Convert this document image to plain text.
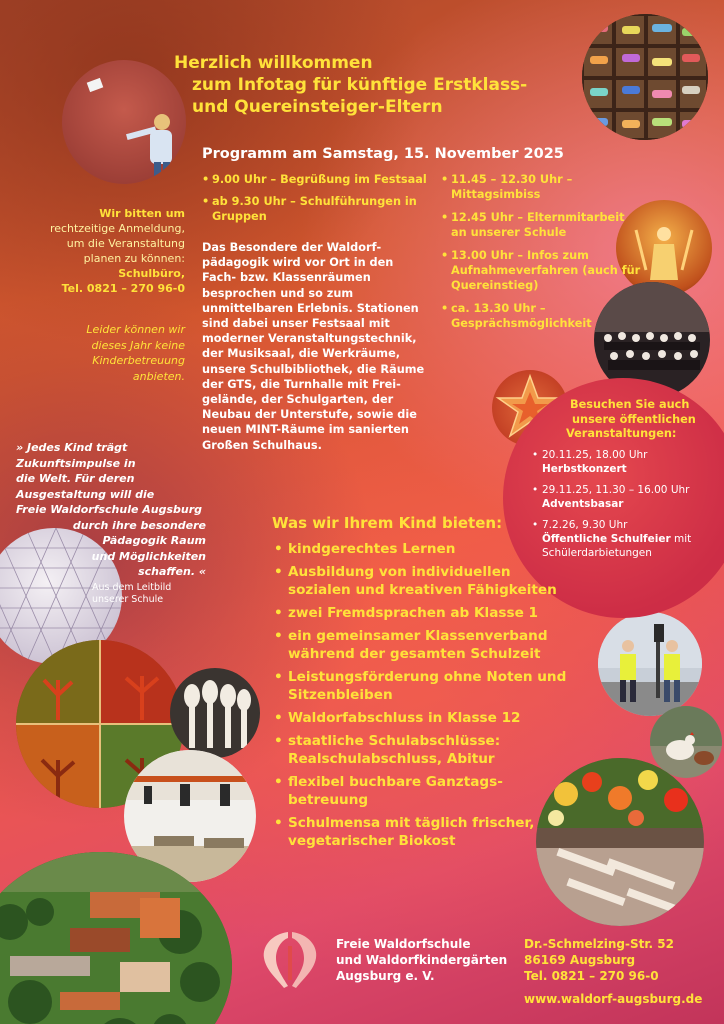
Herzlich willkommen
zum Infotag für künftige Erstklass-
und Quereinsteiger-Eltern
Programm am Samstag, 15. November 2025
• 9.00 Uhr – Begrüßung im Festsaal
• ab 9.30 Uhr – Schulführungen in Gruppen
Das Besondere der Waldorfpädagogik wird vor Ort in den Fach- bzw. Klassenräumen besprochen und so zum unmittelbaren Erlebnis. Stationen sind dabei unser Festsaal mit moderner Veranstaltungstechnik, der Musiksaal, die Werkräume, unsere Schulbibliothek, die Räume der GTS, die Turnhalle mit Freigelände, der Schulgarten, der Neubau der Unterstufe, sowie die neuen MINT-Räume im sanierten Großen Schulhaus.
• 11.45 – 12.30 Uhr – Mittagsimbiss
• 12.45 Uhr – Elternmitarbeit an unserer Schule
• 13.00 Uhr – Infos zum Aufnahmeverfahren (auch für Quereinstieg)
• ca. 13.30 Uhr – Gesprächsmöglichkeit
Wir bitten um
rechtzeitige Anmeldung,
um die Veranstaltung
planen zu können:
Schulbüro,
Tel. 0821 – 270 96-0
Leider können wir
dieses Jahr keine
Kinderbetreuung
anbieten.
» Jedes Kind trägt
Zukunftsimpulse in
die Welt. Für deren
Ausgestaltung will die
Freie Waldorfschule Augsburg
durch ihre besondere
Pädagogik Raum
und Möglichkeiten
schaffen. «
Aus dem Leitbild
unserer Schule
Besuchen Sie auch
unsere öffentlichen
Veranstaltungen:
• 20.11.25, 18.00 Uhr
Herbstkonzert
• 29.11.25, 11.30 – 16.00 Uhr
Adventsbasar
• 7.2.26, 9.30 Uhr
Öffentliche Schulfeier mit Schülerdarbietungen
Was wir Ihrem Kind bieten:
• kindgerechtes Lernen
• Ausbildung von individuellen sozialen und kreativen Fähigkeiten
• zwei Fremdsprachen ab Klasse 1
• ein gemeinsamer Klassenverband während der gesamten Schulzeit
• Leistungsförderung ohne Noten und Sitzenbleiben
• Waldorfabschluss in Klasse 12
• staatliche Schulabschlüsse: Realschulabschluss, Abitur
• flexibel buchbare Ganztagsbetreuung
• Schulmensa mit täglich frischer, vegetarischer Biokost
Freie Waldorfschule
und Waldorfkindergärten
Augsburg e. V.
Dr.-Schmelzing-Str. 52
86169 Augsburg
Tel. 0821 – 270 96-0
www.waldorf-augsburg.de
